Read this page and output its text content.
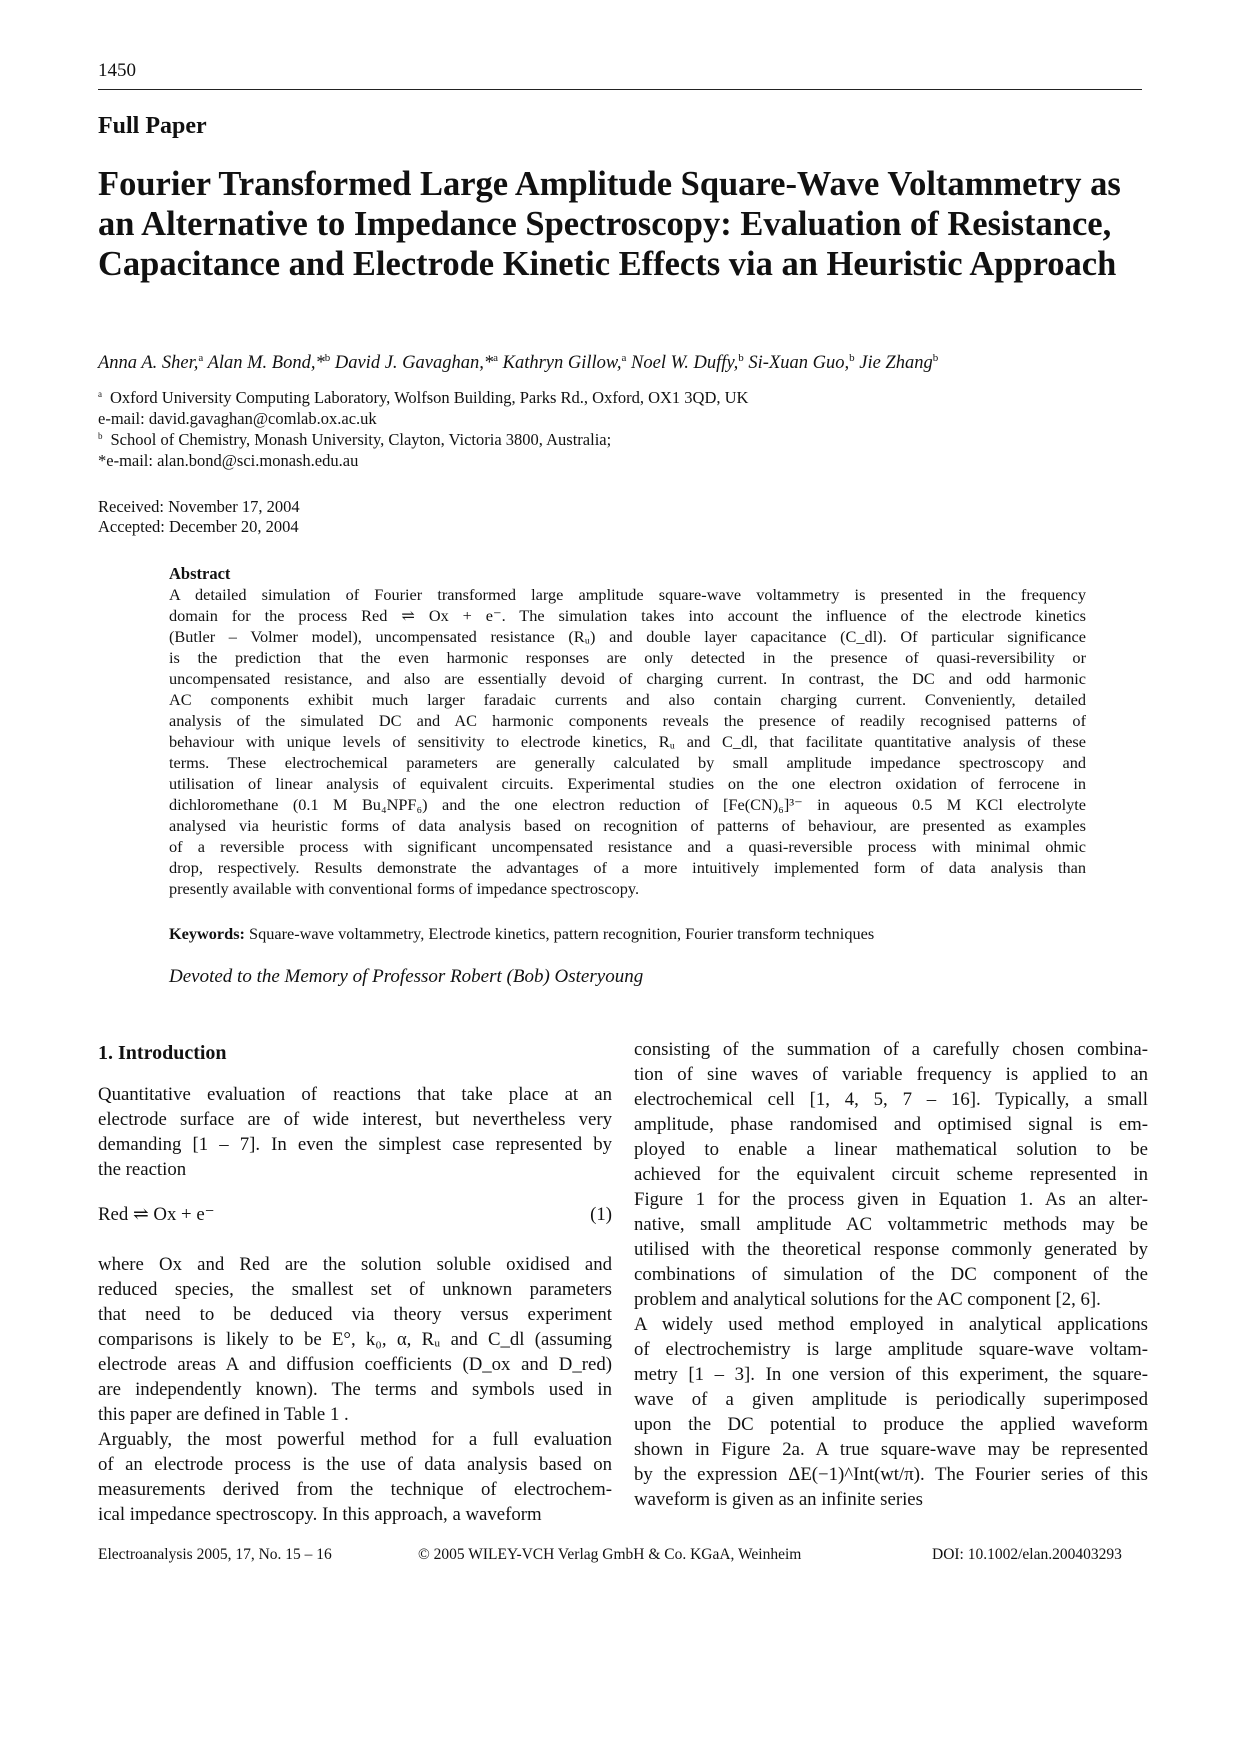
1450
Full Paper
Fourier Transformed Large Amplitude Square-Wave Voltammetry as an Alternative to Impedance Spectroscopy: Evaluation of Resistance, Capacitance and Electrode Kinetic Effects via an Heuristic Approach
Anna A. Sher,$^a$ Alan M. Bond,*$^b$ David J. Gavaghan,*$^a$ Kathryn Gillow,$^a$ Noel W. Duffy,$^b$ Si-Xuan Guo,$^b$ Jie Zhang$^b$
$^a$ Oxford University Computing Laboratory, Wolfson Building, Parks Rd., Oxford, OX1 3QD, UK
e-mail: david.gavaghan@comlab.ox.ac.uk
$^b$ School of Chemistry, Monash University, Clayton, Victoria 3800, Australia;
*e-mail: alan.bond@sci.monash.edu.au
Received: November 17, 2004
Accepted: December 20, 2004
Abstract
A detailed simulation of Fourier transformed large amplitude square-wave voltammetry is presented in the frequency
domain for the process Red ⇌ Ox + e⁻. The simulation takes into account the influence of the electrode kinetics
(Butler – Volmer model), uncompensated resistance (Rᵤ) and double layer capacitance (C_dl). Of particular significance
is the prediction that the even harmonic responses are only detected in the presence of quasi-reversibility or
uncompensated resistance, and also are essentially devoid of charging current. In contrast, the DC and odd harmonic
AC components exhibit much larger faradaic currents and also contain charging current. Conveniently, detailed
analysis of the simulated DC and AC harmonic components reveals the presence of readily recognised patterns of
behaviour with unique levels of sensitivity to electrode kinetics, Rᵤ and C_dl, that facilitate quantitative analysis of these
terms. These electrochemical parameters are generally calculated by small amplitude impedance spectroscopy and
utilisation of linear analysis of equivalent circuits. Experimental studies on the one electron oxidation of ferrocene in
dichloromethane (0.1 M Bu₄NPF₆) and the one electron reduction of [Fe(CN)₆]³⁻ in aqueous 0.5 M KCl electrolyte
analysed via heuristic forms of data analysis based on recognition of patterns of behaviour, are presented as examples
of a reversible process with significant uncompensated resistance and a quasi-reversible process with minimal ohmic
drop, respectively. Results demonstrate the advantages of a more intuitively implemented form of data analysis than
presently available with conventional forms of impedance spectroscopy.
Keywords: Square-wave voltammetry, Electrode kinetics, pattern recognition, Fourier transform techniques
Devoted to the Memory of Professor Robert (Bob) Osteryoung
1. Introduction
Quantitative evaluation of reactions that take place at an
electrode surface are of wide interest, but nevertheless very
demanding [1 – 7]. In even the simplest case represented by
the reaction
Red ⇌ Ox + e⁻	(1)
where Ox and Red are the solution soluble oxidised and
reduced species, the smallest set of unknown parameters
that need to be deduced via theory versus experiment
comparisons is likely to be E°, k₀, α, Rᵤ and C_dl (assuming
electrode areas A and diffusion coefficients (D_ox and D_red)
are independently known). The terms and symbols used in
this paper are defined in Table 1 .
Arguably, the most powerful method for a full evaluation
of an electrode process is the use of data analysis based on
measurements derived from the technique of electrochem-
ical impedance spectroscopy. In this approach, a waveform
consisting of the summation of a carefully chosen combina-
tion of sine waves of variable frequency is applied to an
electrochemical cell [1, 4, 5, 7 – 16]. Typically, a small
amplitude, phase randomised and optimised signal is em-
ployed to enable a linear mathematical solution to be
achieved for the equivalent circuit scheme represented in
Figure 1 for the process given in Equation 1. As an alter-
native, small amplitude AC voltammetric methods may be
utilised with the theoretical response commonly generated by
combinations of simulation of the DC component of the
problem and analytical solutions for the AC component [2, 6].
A widely used method employed in analytical applications
of electrochemistry is large amplitude square-wave voltam-
metry [1 – 3]. In one version of this experiment, the square-
wave of a given amplitude is periodically superimposed
upon the DC potential to produce the applied waveform
shown in Figure 2a. A true square-wave may be represented
by the expression ΔE(−1)^Int(wt/π). The Fourier series of this
waveform is given as an infinite series
Electroanalysis 2005, 17, No. 15 – 16	© 2005 WILEY-VCH Verlag GmbH & Co. KGaA, Weinheim	DOI: 10.1002/elan.200403293
